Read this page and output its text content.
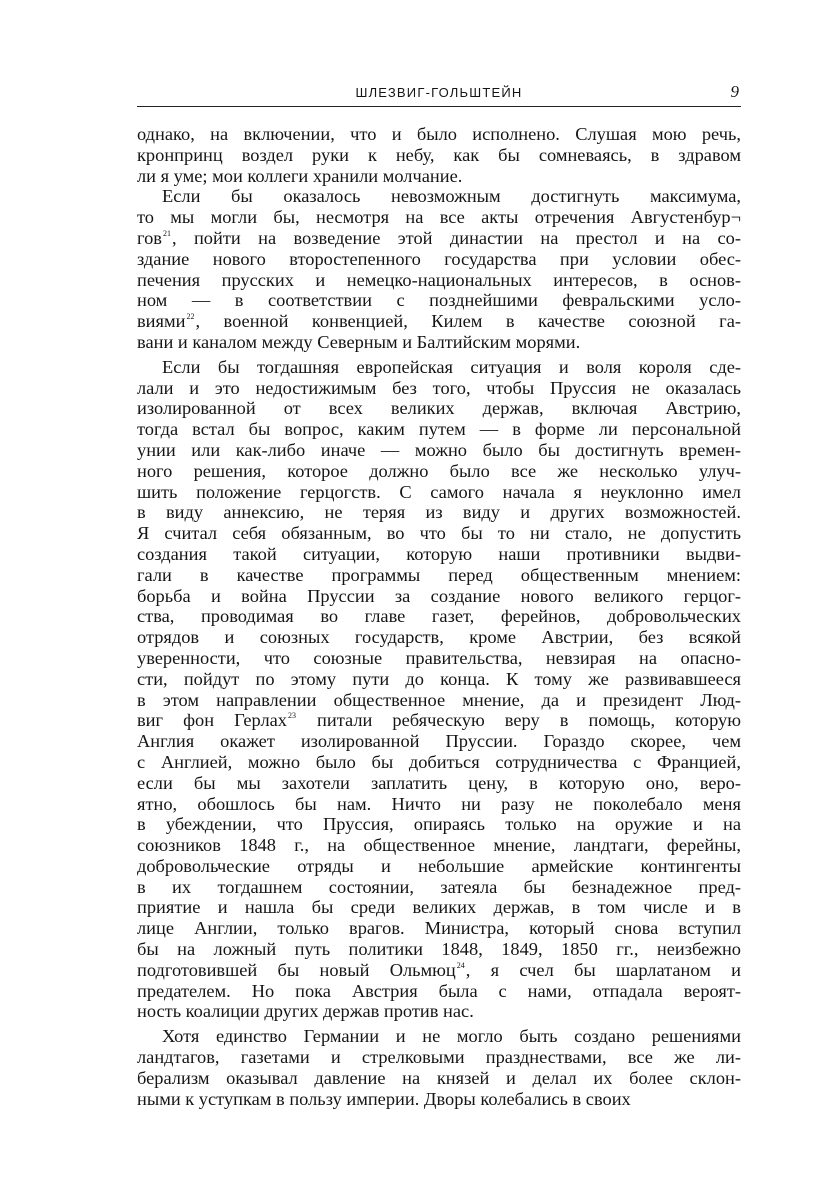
ШЛЕЗВИГ-ГОЛЬШТЕЙН	9
однако, на включении, что и было исполнено. Слушая мою речь,
кронпринц воздел руки к небу, как бы сомневаясь, в здравом
ли я уме; мои коллеги хранили молчание.
Если бы оказалось невозможным достигнуть максимума,
то мы могли бы, несмотря на все акты отречения Августенбур¬
гов$^{21}$, пойти на возведение этой династии на престол и на со-
здание нового второстепенного государства при условии обес-
печения прусских и немецко-национальных интересов, в основ-
ном — в соответствии с позднейшими февральскими усло-
виями$^{22}$, военной конвенцией, Килем в качестве союзной га-
вани и каналом между Северным и Балтийским морями.
Если бы тогдашняя европейская ситуация и воля короля сде-
лали и это недостижимым без того, чтобы Пруссия не оказалась
изолированной от всех великих держав, включая Австрию,
тогда встал бы вопрос, каким путем — в форме ли персональной
унии или как-либо иначе — можно было бы достигнуть времен-
ного решения, которое должно было все же несколько улуч-
шить положение герцогств. С самого начала я неуклонно имел
в виду аннексию, не теряя из виду и других возможностей.
Я считал себя обязанным, во что бы то ни стало, не допустить
создания такой ситуации, которую наши противники выдви-
гали в качестве программы перед общественным мнением:
борьба и война Пруссии за создание нового великого герцог-
ства, проводимая во главе газет, ферейнов, добровольческих
отрядов и союзных государств, кроме Австрии, без всякой
уверенности, что союзные правительства, невзирая на опасно-
сти, пойдут по этому пути до конца. К тому же развивавшееся
в этом направлении общественное мнение, да и президент Люд-
виг фон Герлах$^{23}$ питали ребяческую веру в помощь, которую
Англия окажет изолированной Пруссии. Гораздо скорее, чем
с Англией, можно было бы добиться сотрудничества с Францией,
если бы мы захотели заплатить цену, в которую оно, веро-
ятно, обошлось бы нам. Ничто ни разу не поколебало меня
в убеждении, что Пруссия, опираясь только на оружие и на
союзников 1848 г., на общественное мнение, ландтаги, ферейны,
добровольческие отряды и небольшие армейские контингенты
в их тогдашнем состоянии, затеяла бы безнадежное пред-
приятие и нашла бы среди великих держав, в том числе и в
лице Англии, только врагов. Министра, который снова вступил
бы на ложный путь политики 1848, 1849, 1850 гг., неизбежно
подготовившей бы новый Ольмюц$^{24}$, я счел бы шарлатаном и
предателем. Но пока Австрия была с нами, отпадала вероят-
ность коалиции других держав против нас.
Хотя единство Германии и не могло быть создано решениями
ландтагов, газетами и стрелковыми празднествами, все же ли-
берализм оказывал давление на князей и делал их более склон-
ными к уступкам в пользу империи. Дворы колебались в своих
